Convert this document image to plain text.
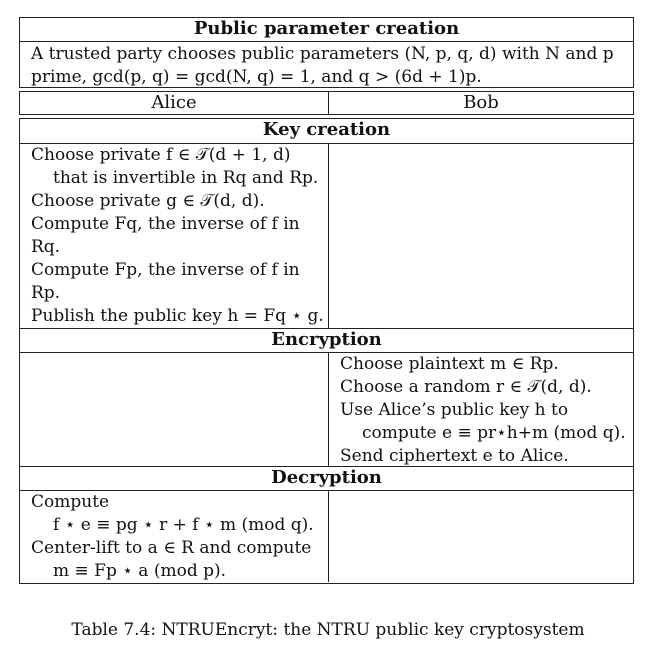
Public parameter creation
A trusted party chooses public parameters (N, p, q, d) with N and p
prime, gcd(p, q) = gcd(N, q) = 1, and q > (6d + 1)p.
Alice	Bob
Key creation
Choose private f ∈ 𝒯(d + 1, d)
that is invertible in Rq and Rp.
Choose private g ∈ 𝒯(d, d).
Compute Fq, the inverse of f in
Rq.
Compute Fp, the inverse of f in
Rp.
Publish the public key h = Fq ⋆ g.
Encryption
Choose plaintext m ∈ Rp.
Choose a random r ∈ 𝒯(d, d).
Use Alice’s public key h to
compute e ≡ pr⋆h+m (mod q).
Send ciphertext e to Alice.
Decryption
Compute
f ⋆ e ≡ pg ⋆ r + f ⋆ m (mod q).
Center-lift to a ∈ R and compute
m ≡ Fp ⋆ a (mod p).
Table 7.4: NTRUEncryt: the NTRU public key cryptosystem
